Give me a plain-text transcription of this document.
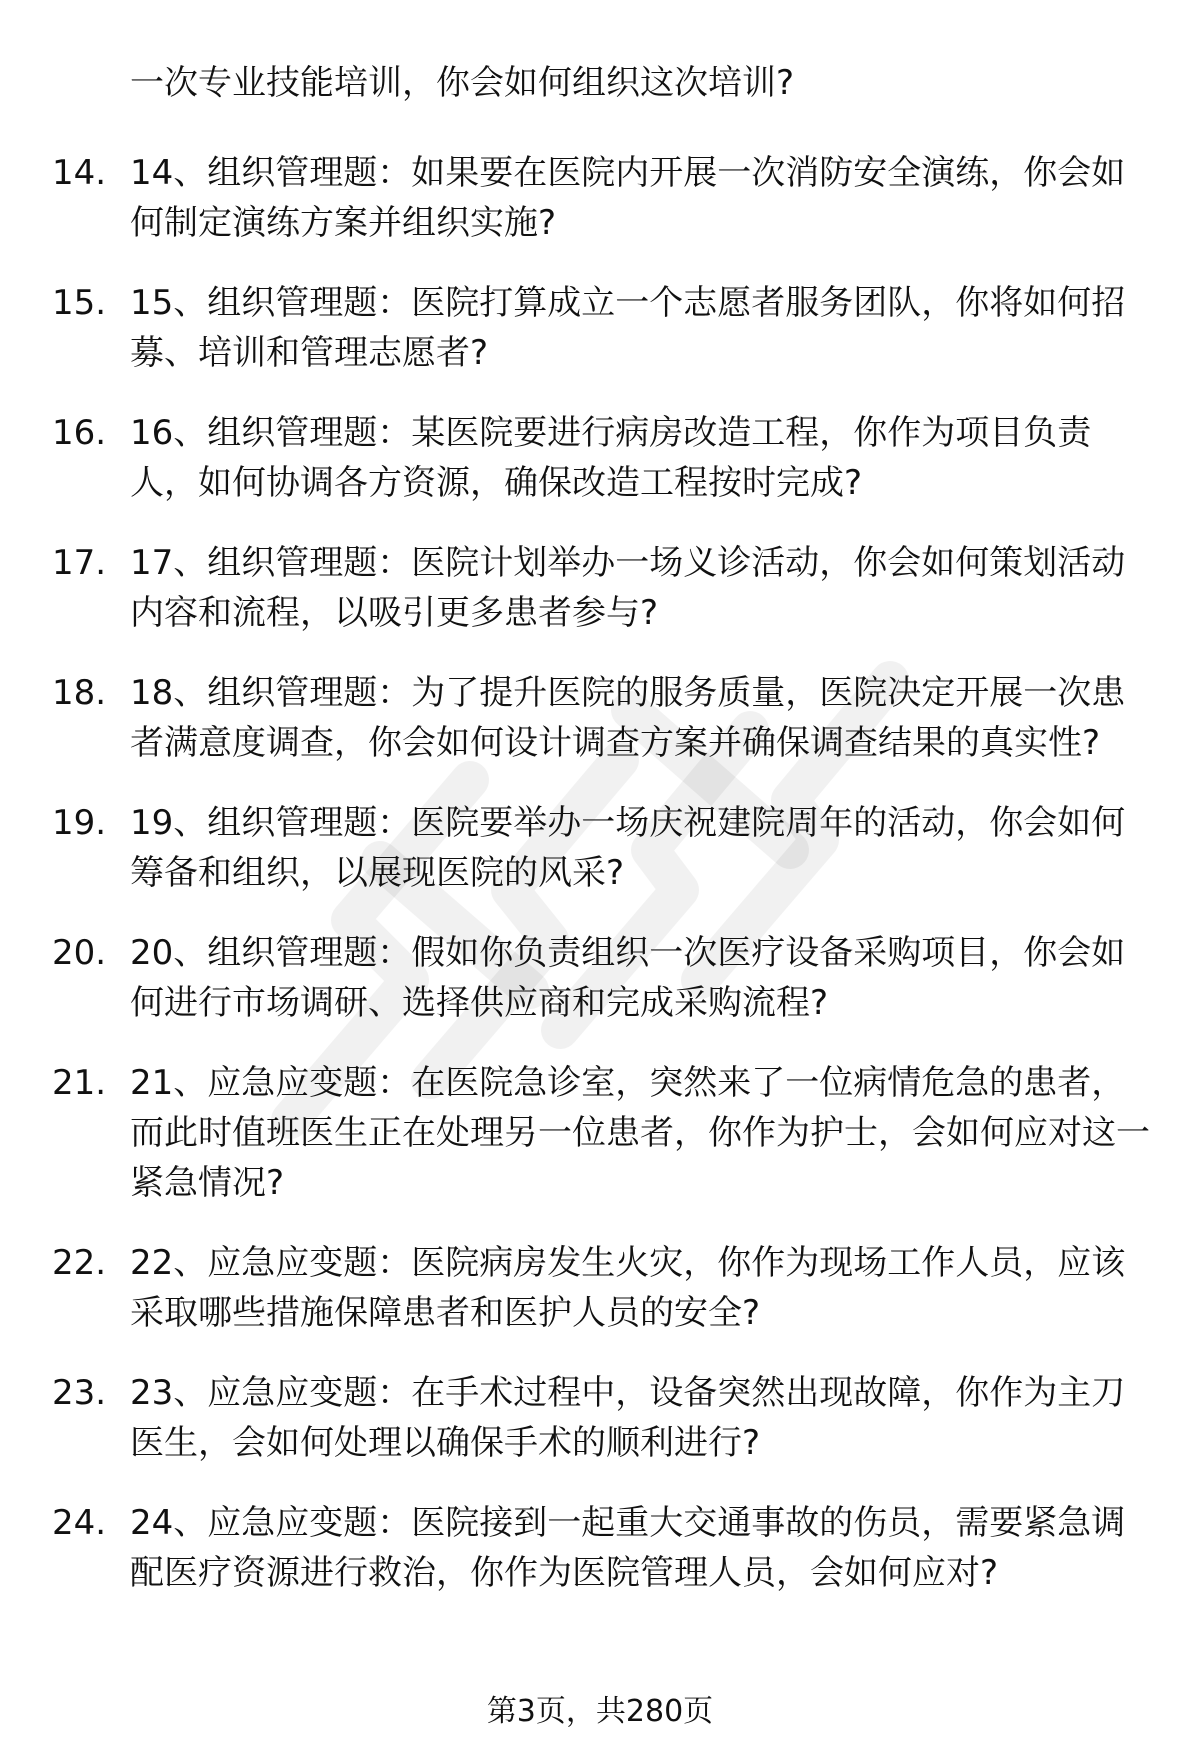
一次专业技能培训，你会如何组织这次培训?
14. 14、组织管理题：如果要在医院内开展一次消防安全演练，你会如何制定演练方案并组织实施?
15. 15、组织管理题：医院打算成立一个志愿者服务团队，你将如何招募、培训和管理志愿者?
16. 16、组织管理题：某医院要进行病房改造工程，你作为项目负责人，如何协调各方资源，确保改造工程按时完成?
17. 17、组织管理题：医院计划举办一场义诊活动，你会如何策划活动内容和流程，以吸引更多患者参与?
18. 18、组织管理题：为了提升医院的服务质量，医院决定开展一次患者满意度调查，你会如何设计调查方案并确保调查结果的真实性?
19. 19、组织管理题：医院要举办一场庆祝建院周年的活动，你会如何筹备和组织，以展现医院的风采?
20. 20、组织管理题：假如你负责组织一次医疗设备采购项目，你会如何进行市场调研、选择供应商和完成采购流程?
21. 21、应急应变题：在医院急诊室，突然来了一位病情危急的患者，而此时值班医生正在处理另一位患者，你作为护士，会如何应对这一紧急情况?
22. 22、应急应变题：医院病房发生火灾，你作为现场工作人员，应该采取哪些措施保障患者和医护人员的安全?
23. 23、应急应变题：在手术过程中，设备突然出现故障，你作为主刀医生，会如何处理以确保手术的顺利进行?
24. 24、应急应变题：医院接到一起重大交通事故的伤员，需要紧急调配医疗资源进行救治，你作为医院管理人员，会如何应对?
第3页，共280页
